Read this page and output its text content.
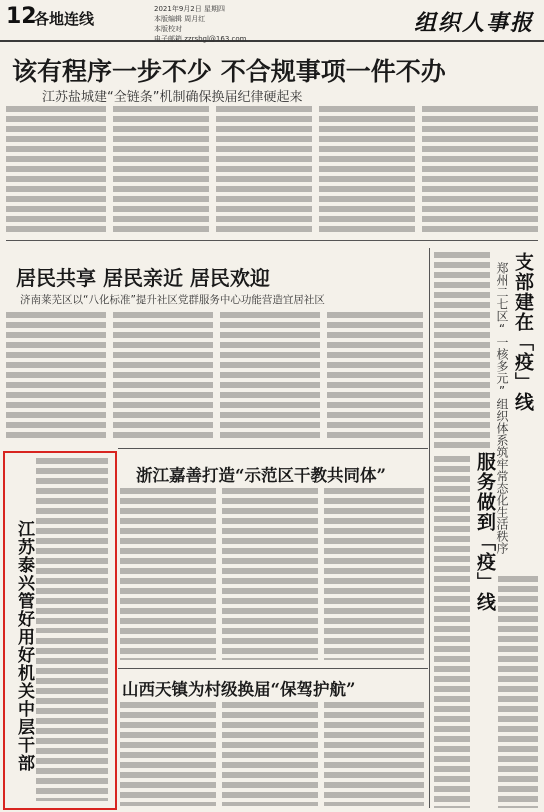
12
各地连线
2021年9月2日 星期四
本版编辑 周月红
本版校对
电子邮箱 zzrsbgl@163.com
组织人事报
该有程序一步不少 不合规事项一件不办
江苏盐城建“全链条”机制确保换届纪律硬起来
居民共享 居民亲近 居民欢迎
济南莱芜区以“八化标准”提升社区党群服务中心功能营造宜居社区	支部建在「疫」线
郑州二七区“一核多元”组织体系筑牢常态化生活秩序
服务做到「疫」线
江苏泰兴管好用好机关中层干部
浙江嘉善打造“示范区干教共同体”
山西天镇为村级换届“保驾护航”
